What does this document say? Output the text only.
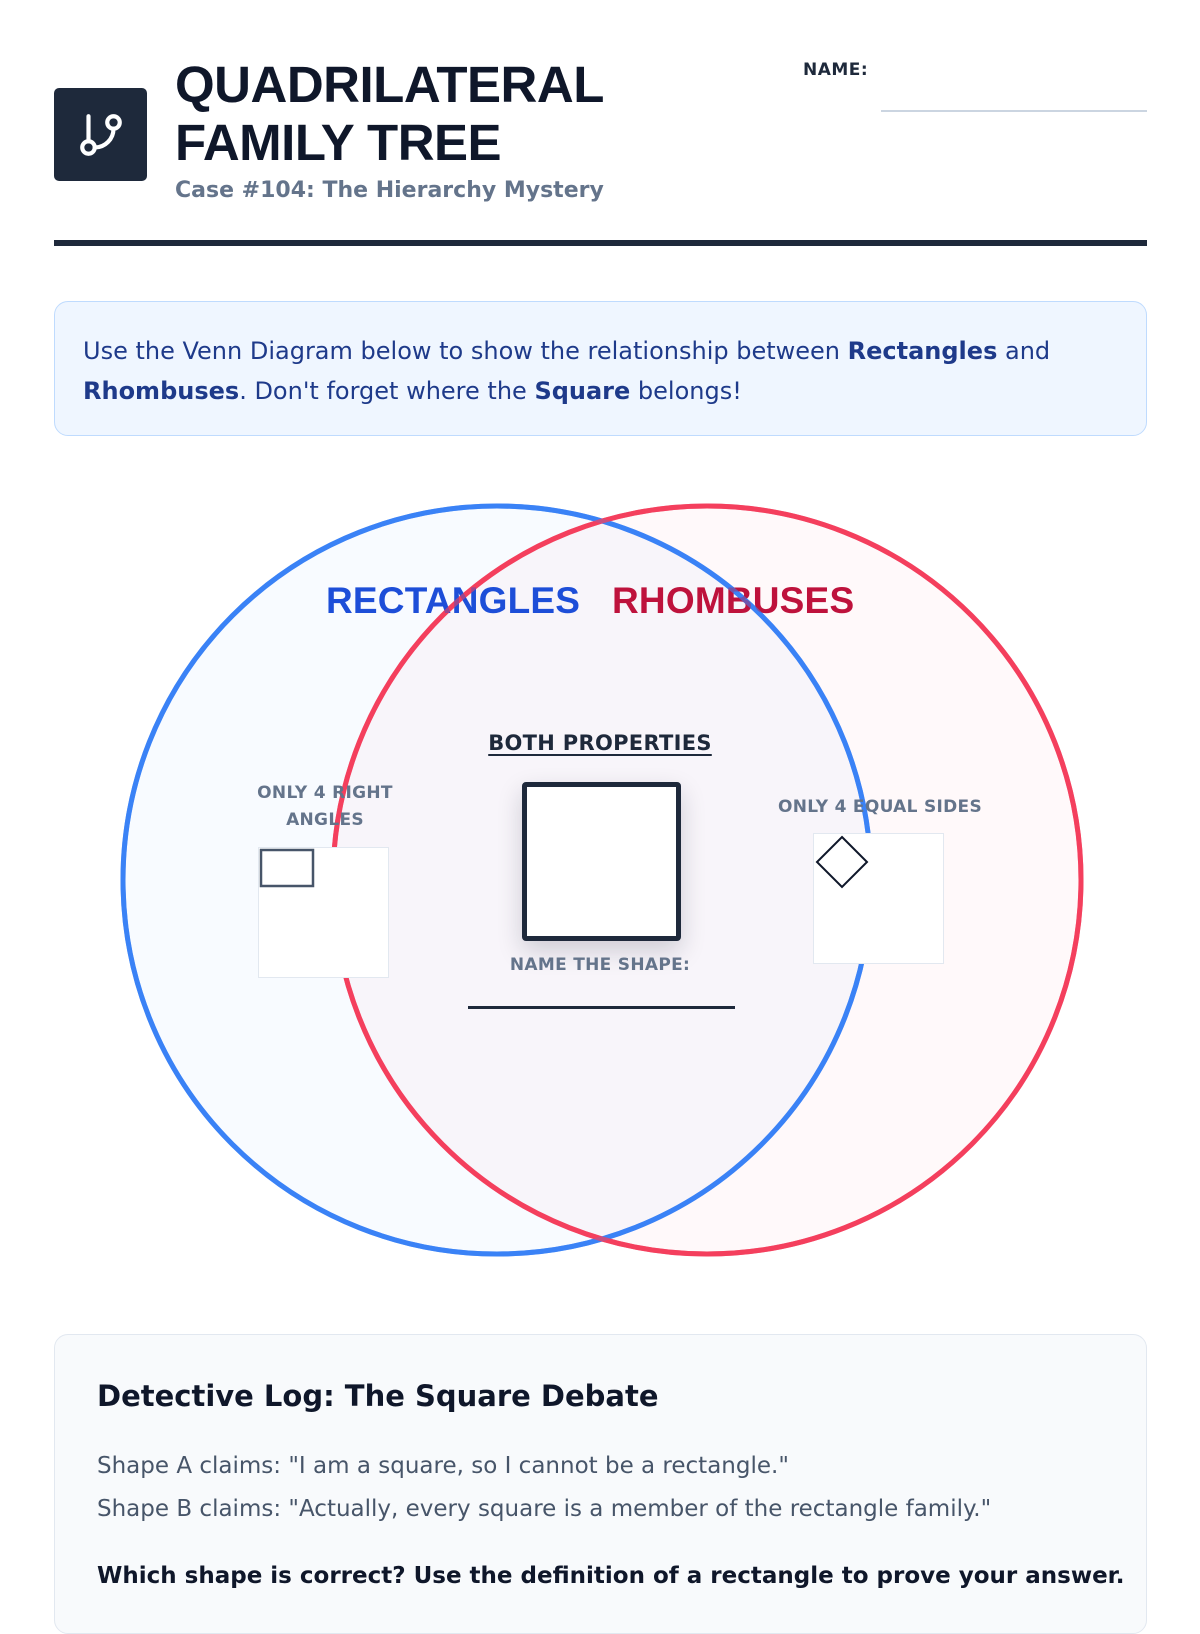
QUADRILATERAL
FAMILY TREE
Case #104: The Hierarchy Mystery
NAME:
Use the Venn Diagram below to show the relationship between Rectangles and Rhombuses. Don't forget where the Square belongs!
RECTANGLES RHOMBUSES
ONLY 4 RIGHT ANGLES
BOTH PROPERTIES
NAME THE SHAPE:
ONLY 4 EQUAL SIDES
Detective Log: The Square Debate
Shape A claims: "I am a square, so I cannot be a rectangle."
Shape B claims: "Actually, every square is a member of the rectangle family."
Which shape is correct? Use the definition of a rectangle to prove your answer.
